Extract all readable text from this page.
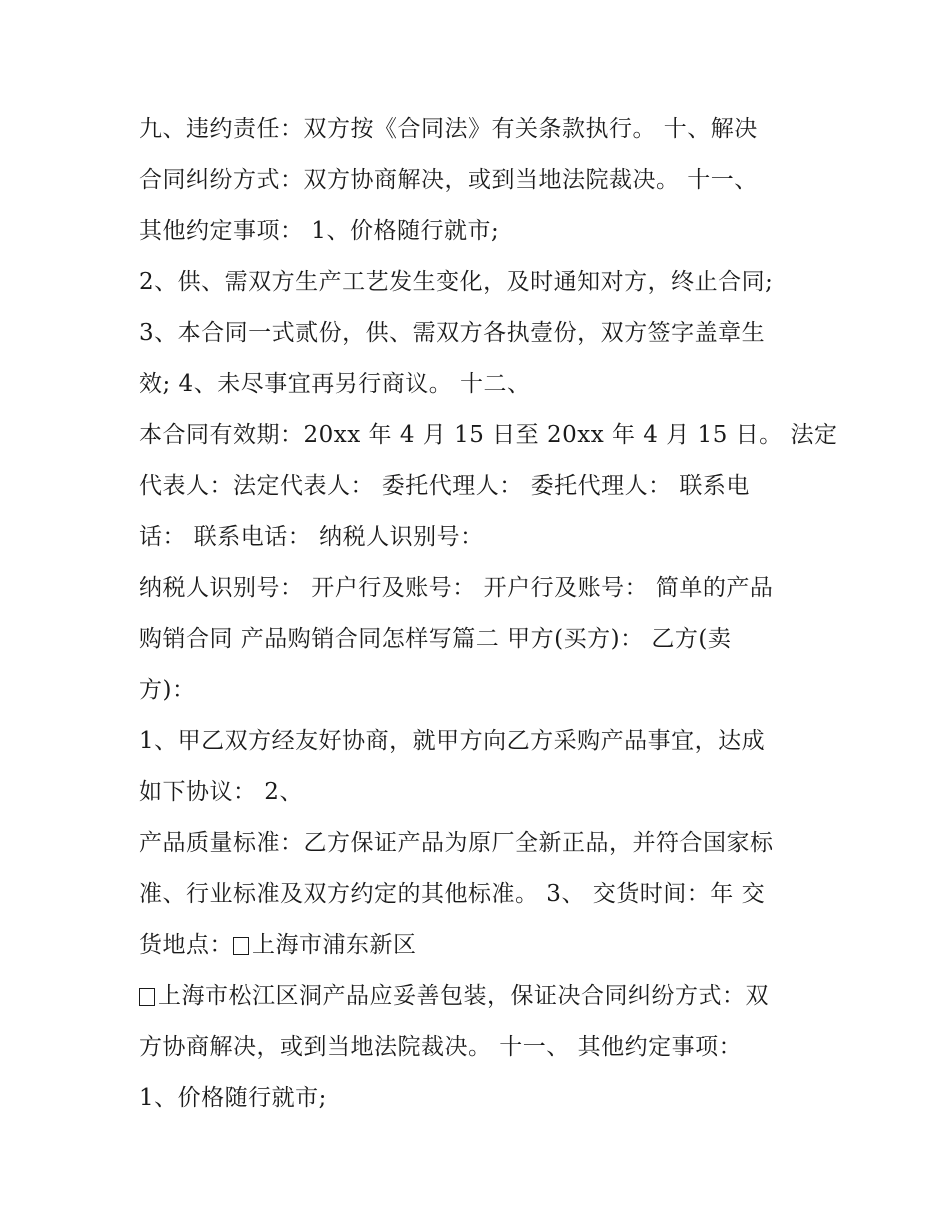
九、违约责任：双方按《合同法》有关条款执行。 十、解决
合同纠纷方式：双方协商解决，或到当地法院裁决。 十一、
其他约定事项： 1、价格随行就市;
2、供、需双方生产工艺发生变化，及时通知对方，终止合同;
3、本合同一式贰份，供、需双方各执壹份，双方签字盖章生
效; 4、未尽事宜再另行商议。 十二、
本合同有效期：20xx 年 4 月 15 日至 20xx 年 4 月 15 日。 法定
代表人：法定代表人： 委托代理人： 委托代理人： 联系电
话： 联系电话： 纳税人识别号：
纳税人识别号： 开户行及账号： 开户行及账号： 简单的产品
购销合同 产品购销合同怎样写篇二 甲方(买方)： 乙方(卖
方)：
1、甲乙双方经友好协商，就甲方向乙方采购产品事宜，达成
如下协议： 2、
产品质量标准：乙方保证产品为原厂全新正品，并符合国家标
准、行业标准及双方约定的其他标准。 3、 交货时间：年 交
货地点： 上海市浦东新区
上海市松江区洞产品应妥善包装，保证决合同纠纷方式：双
方协商解决，或到当地法院裁决。 十一、 其他约定事项：
1、价格随行就市;
